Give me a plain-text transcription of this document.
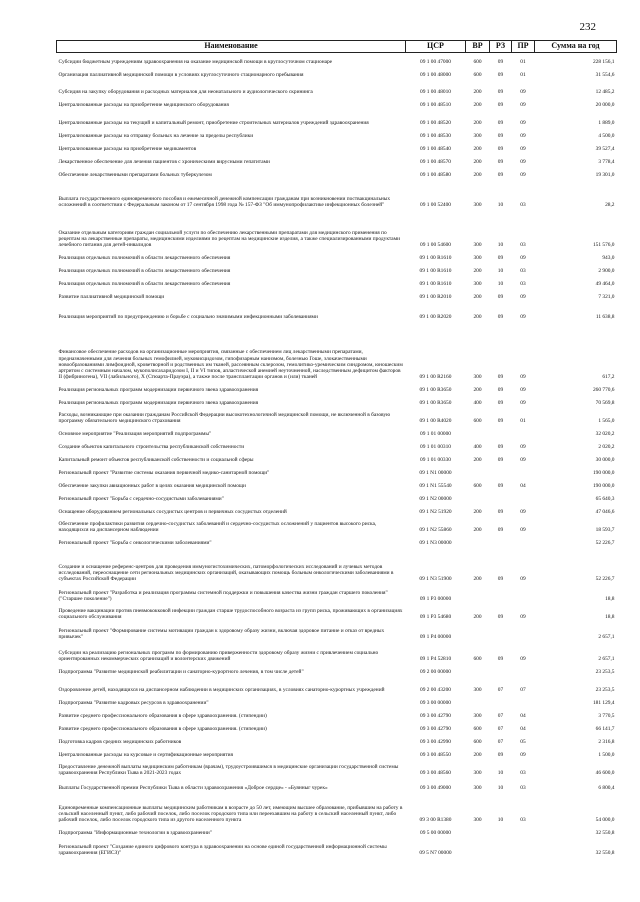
232
Наименование	ЦСР	ВР	РЗ	ПР	Сумма на год
Субсидии бюджетным учреждениям здравоохранения на оказание медицинской помощи в круглосуточном стационаре	09 1 00 47000	600	09	01	228 156,1
Организация паллиативной медицинской помощи в условиях круглосуточного стационарного пребывания	09 1 00 48000	600	09	01	31 554,6
Субсидия на закупку оборудования и расходных материалов для неонатального и аудиологического скрининга	09 1 00 48010	200	09	09	12 485,2
Централизованные расходы на приобретение медицинского оборудования	09 1 00 48510	200	09	09	20 000,0
Централизованные расходы на текущий и капитальный ремонт, приобретение строительных материалов учреждений здравоохранения	09 1 00 48520	200	09	09	1 889,0
Централизованные расходы на отправку больных на лечение за пределы республики	09 1 00 48530	300	09	09	4 500,0
Централизованные расходы на приобретение медикаментов	09 1 00 48540	200	09	09	39 527,4
Лекарственное обеспечение для лечения пациентов с хроническими вирусными гепатитами	09 1 00 48570	200	09	09	3 778,4
Обеспечение лекарственными препаратами больных туберкулезом	09 1 00 48580	200	09	09	19 301,0
Выплата государственного единовременного пособия и ежемесячной денежной компенсации гражданам при возникновении поствакцинальных осложнений в соответствии с Федеральным законом от 17 сентября 1998 года № 157-ФЗ "Об иммунопрофилактике инфекционных болезней"	09 1 00 52400	300	10	03	28,2
Оказание отдельным категориям граждан социальной услуги по обеспечению лекарственными препаратами для медицинского применения по рецептам на лекарственные препараты, медицинскими изделиями по рецептам на медицинские изделия, а также специализированными продуктами лечебного питания для детей-инвалидов	09 1 00 54600	300	10	03	151 576,0
Реализация отдельных полномочий в области лекарственного обеспечения	09 1 00 R1610	300	09	09	943,0
Реализация отдельных полномочий в области лекарственного обеспечения	09 1 00 R1610	200	10	03	2 900,0
Реализация отдельных полномочий в области лекарственного обеспечения	09 1 00 R1610	300	10	03	49 464,0
Развитие паллиативной медицинской помощи	09 1 00 R2010	200	09	09	7 321,0
Реализация мероприятий по предупреждению и борьбе с социально значимыми инфекционными заболеваниями	09 1 00 R2020	200	09	09	11 638,8
Финансовое обеспечение расходов на организационные мероприятия, связанные с обеспечением лиц лекарственными препаратами, предназначенными для лечения больных гемофилией, муковисцидозом, гипофизарным нанизмом, болезнью Гоше, злокачественными новообразованиями лимфоидной, кроветворной и родственных им тканей, рассеянным склерозом, гемолитико-уремическим синдромом, юношеским артритом с системным началом, мукополисахаридозом I, II и VI типов, апластической анемией неуточненной, наследственным дефицитом факторов II (фибриногена), VII (лабильного), X (Стюарта-Прауэра), а также после трансплантации органов и (или) тканей	09 1 00 R2160	300	09	09	617,2
Реализация региональных программ модернизации первичного звена здравоохранения	09 1 00 R3650	200	09	09	260 770,6
Реализация региональных программ модернизации первичного звена здравоохранения	09 1 00 R3650	400	09	09	70 569,8
Расходы, возникающие при оказании гражданам Российской Федерации высокотехнологичной медицинской помощи, не включенной в базовую программу обязательного медицинского страхования	09 1 00 R4020	600	09	01	1 565,0
Основное мероприятие "Реализация мероприятий подпрограммы"	09 1 01 00000				32 020,2
Создание объектов капитального строительства республиканской собственности	09 1 01 00310	400	09	09	2 020,2
Капитальный ремонт объектов республиканской собственности и социальной сферы	09 1 01 00330	200	09	09	30 000,0
Региональный проект "Развитие системы оказания первичной медико-санитарной помощи"	09 1 N1 00000				190 000,0
Обеспечение закупки авиационных работ в целях оказания медицинской помощи	09 1 N1 55540	600	09	04	190 000,0
Региональный проект "Борьба с сердечно-сосудистыми заболеваниями"	09 1 N2 00000				65 640,3
Оснащение оборудованием региональных сосудистых центров и первичных сосудистых отделений	09 1 N2 51920	200	09	09	47 046,6
Обеспечение профилактики развития сердечно-сосудистых заболеваний и сердечно-сосудистых осложнений у пациентов высокого риска, находящихся на диспансерном наблюдении	09 1 N2 55860	200	09	09	18 593,7
Региональный проект "Борьба с онкологическими заболеваниями"	09 1 N3 00000				52 226,7
Создание и оснащение референс-центров для проведения иммуногистохимических, патоморфологических исследований и лучевых методов исследований, переоснащение сети региональных медицинских организаций, оказывающих помощь больным онкологическими заболеваниями в субъектах Российской Федерации	09 1 N3 51900	200	09	09	52 226,7
Региональный проект "Разработка и реализация программы системной поддержки и повышения качества жизни граждан старшего поколения" ("Старшее поколение")	09 1 P3 00000				18,8
Проведение вакцинации против пневмококковой инфекции граждан старше трудоспособного возраста из групп риска, проживающих в организациях социального обслуживания	09 1 P3 54680	200	09	09	18,8
Региональный проект "Формирование системы мотивации граждан к здоровому образу жизни, включая здоровое питание и отказ от вредных привычек"	09 1 P4 00000				2 657,1
Субсидии на реализацию региональных программ по формированию приверженности здоровому образу жизни с привлечением социально ориентированных некоммерческих организаций и волонтерских движений	09 1 P4 52810	600	09	09	2 657,1
Подпрограмма "Развитие медицинской реабилитации и санаторно-курортного лечения, в том числе детей"	09 2 00 00000				23 253,5
Оздоровление детей, находящихся на диспансерном наблюдении в медицинских организациях, в условиях санаторно-курортных учреждений	09 2 00 43200	300	07	07	23 253,5
Подпрограмма "Развитие кадровых ресурсов в здравоохранении"	09 3 00 00000				181 129,4
Развитие среднего профессионального образования в сфере здравоохранения. (стипендии)	09 3 00 42790	300	07	04	3 770,5
Развитие среднего профессионального образования в сфере здравоохранения. (стипендии)	09 3 00 42790	600	07	04	66 141,7
Подготовка кадров средних медицинских работников	09 3 00 42990	600	07	05	2 316,8
Централизованные расходы на курсовые и сертификационные мероприятия	09 3 00 48550	200	09	09	1 500,0
Предоставление денежной выплаты медицинским работникам (врачам), трудоустроившимся в медицинские организации государственной системы здравоохранения Республики Тыва в 2021-2023 годах	09 3 00 48560	300	10	03	46 600,0
Выплаты Государственной премии Республики Тыва в области здравоохранения «Доброе сердце» - «Буянныг чурек»	09 3 00 49000	300	10	03	6 800,4
Единовременные компенсационные выплаты медицинским работникам в возрасте до 50 лет, имеющим высшее образование, прибывшим на работу в сельский населенный пункт, либо рабочий поселок, либо поселок городского типа или переехавшим на работу в сельский населенный пункт, либо рабочий поселок, либо поселок городского типа из другого населенного пункта	09 3 00 R1380	300	10	03	54 000,0
Подпрограмма "Информационные технологии в здравоохранении"	09 5 00 00000				32 550,8
Региональный проект "Создание единого цифрового контура в здравоохранении на основе единой государственной информационной системы здравоохранения (ЕГИСЗ)"	09 5 N7 00000				32 550,8
